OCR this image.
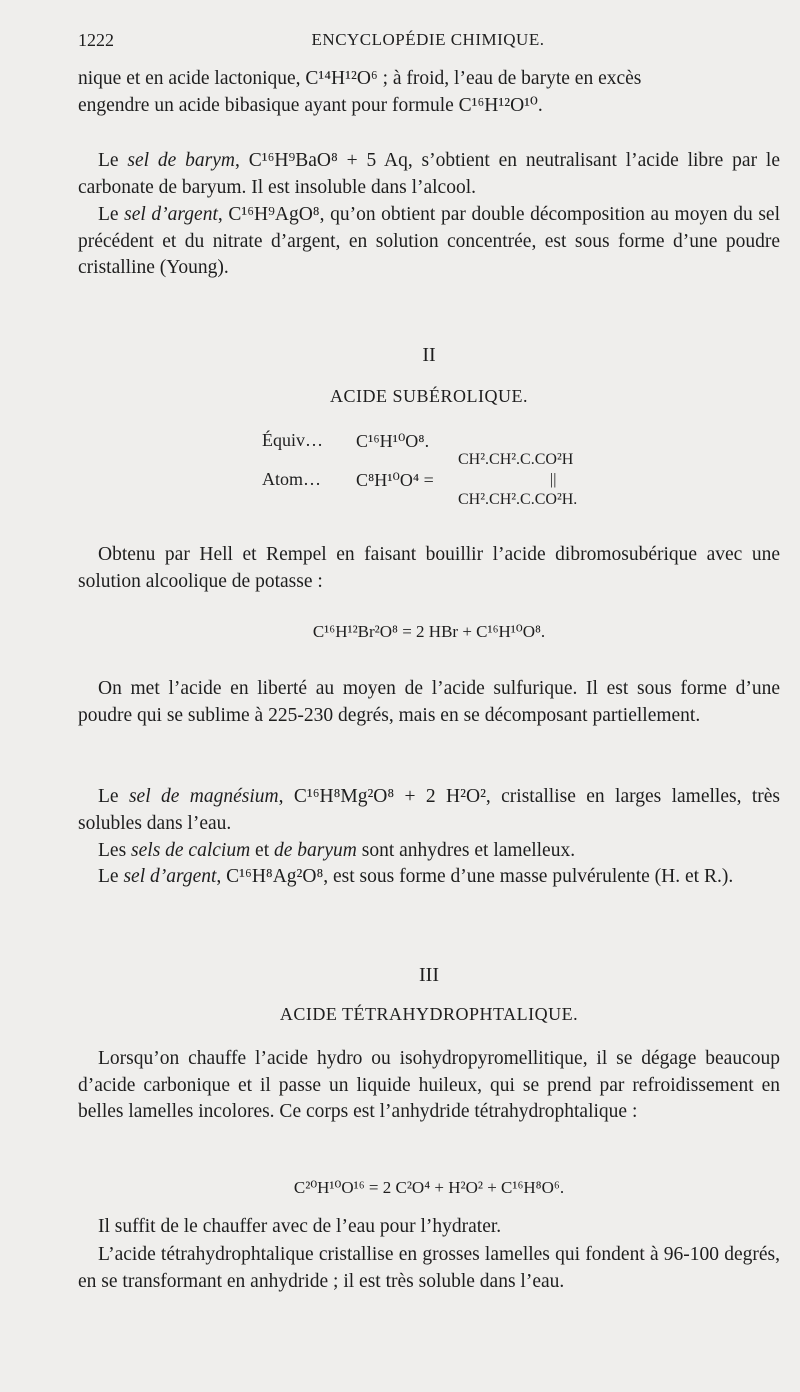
1222	ENCYCLOPÉDIE CHIMIQUE.

nique et en acide lactonique, C¹⁴H¹²O⁶ ; à froid, l’eau de baryte en excès
engendre un acide bibasique ayant pour formule C¹⁶H¹²O¹⁰.

Le sel de barym, C¹⁶H⁹BaO⁸ + 5 Aq, s’obtient en neutralisant l’acide libre par le carbonate de baryum. Il est insoluble dans l’alcool.

Le sel d’argent, C¹⁶H⁹AgO⁸, qu’on obtient par double décomposition au moyen du sel précédent et du nitrate d’argent, en solution concentrée, est sous forme d’une poudre cristalline (Young).

II
ACIDE SUBÉROLIQUE.
Équiv… C¹⁶H¹⁰O⁸.
Atom… C⁸H¹⁰O⁴ =
CH².CH².C.CO²H
||
CH².CH².C.CO²H.

Obtenu par Hell et Rempel en faisant bouillir l’acide dibromosubérique avec une solution alcoolique de potasse :

C¹⁶H¹²Br²O⁸ = 2 HBr + C¹⁶H¹⁰O⁸.

On met l’acide en liberté au moyen de l’acide sulfurique. Il est sous forme d’une poudre qui se sublime à 225-230 degrés, mais en se décomposant partiellement.

Le sel de magnésium, C¹⁶H⁸Mg²O⁸ + 2 H²O², cristallise en larges lamelles, très solubles dans l’eau.

Les sels de calcium et de baryum sont anhydres et lamelleux.

Le sel d’argent, C¹⁶H⁸Ag²O⁸, est sous forme d’une masse pulvérulente (H. et R.).

III
ACIDE TÉTRAHYDROPHTALIQUE.

Lorsqu’on chauffe l’acide hydro ou isohydropyromellitique, il se dégage beaucoup d’acide carbonique et il passe un liquide huileux, qui se prend par refroidissement en belles lamelles incolores. Ce corps est l’anhydride tétrahydrophtalique :

C²⁰H¹⁰O¹⁶ = 2 C²O⁴ + H²O² + C¹⁶H⁸O⁶.

Il suffit de le chauffer avec de l’eau pour l’hydrater.

L’acide tétrahydrophtalique cristallise en grosses lamelles qui fondent à 96-100 degrés, en se transformant en anhydride ; il est très soluble dans l’eau.
